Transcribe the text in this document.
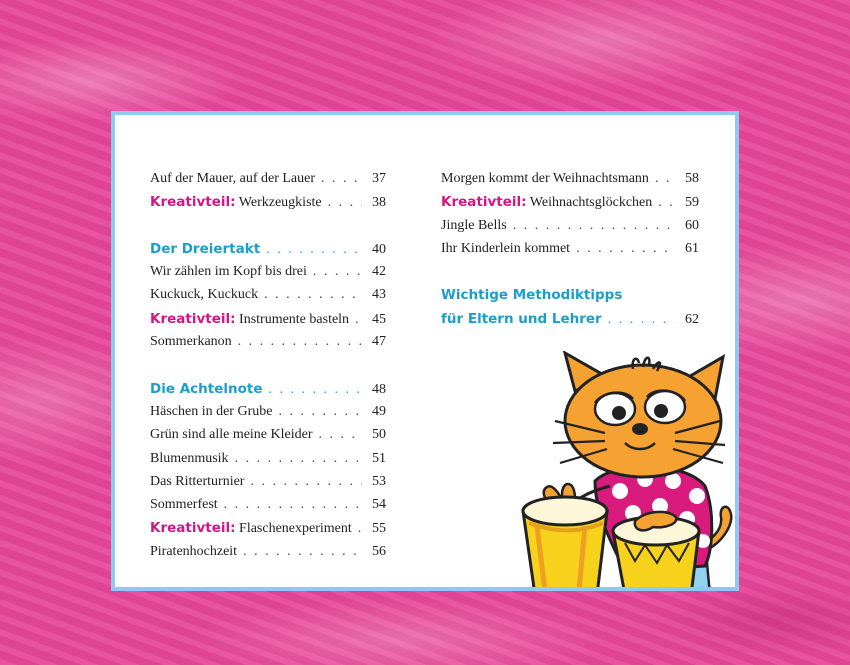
Auf der Mauer, auf der Lauer . . .	37
Kreativteil: Werkzeugkiste . . .	38
Der Dreiertakt . . .	40
Wir zählen im Kopf bis drei . . .	42
Kuckuck, Kuckuck . . .	43
Kreativteil: Instrumente basteln . . . 45
Sommerkanon . . .	47
Die Achtelnote . . .	48
Häschen in der Grube . . .	49
Grün sind alle meine Kleider . . .	50
Blumenmusik . . .	51
Das Ritterturnier . . .	53
Sommerfest . . .	54
Kreativteil: Flaschenexperiment . . . 55
Piratenhochzeit . . .	56
Morgen kommt der Weihnachtsmann . . .	58
Kreativteil: Weihnachtsglöckchen . . . 59
Jingle Bells . . .	60
Ihr Kinderlein kommet . . .	61
Wichtige Methodiktipps
für Eltern und Lehrer . . .	62
